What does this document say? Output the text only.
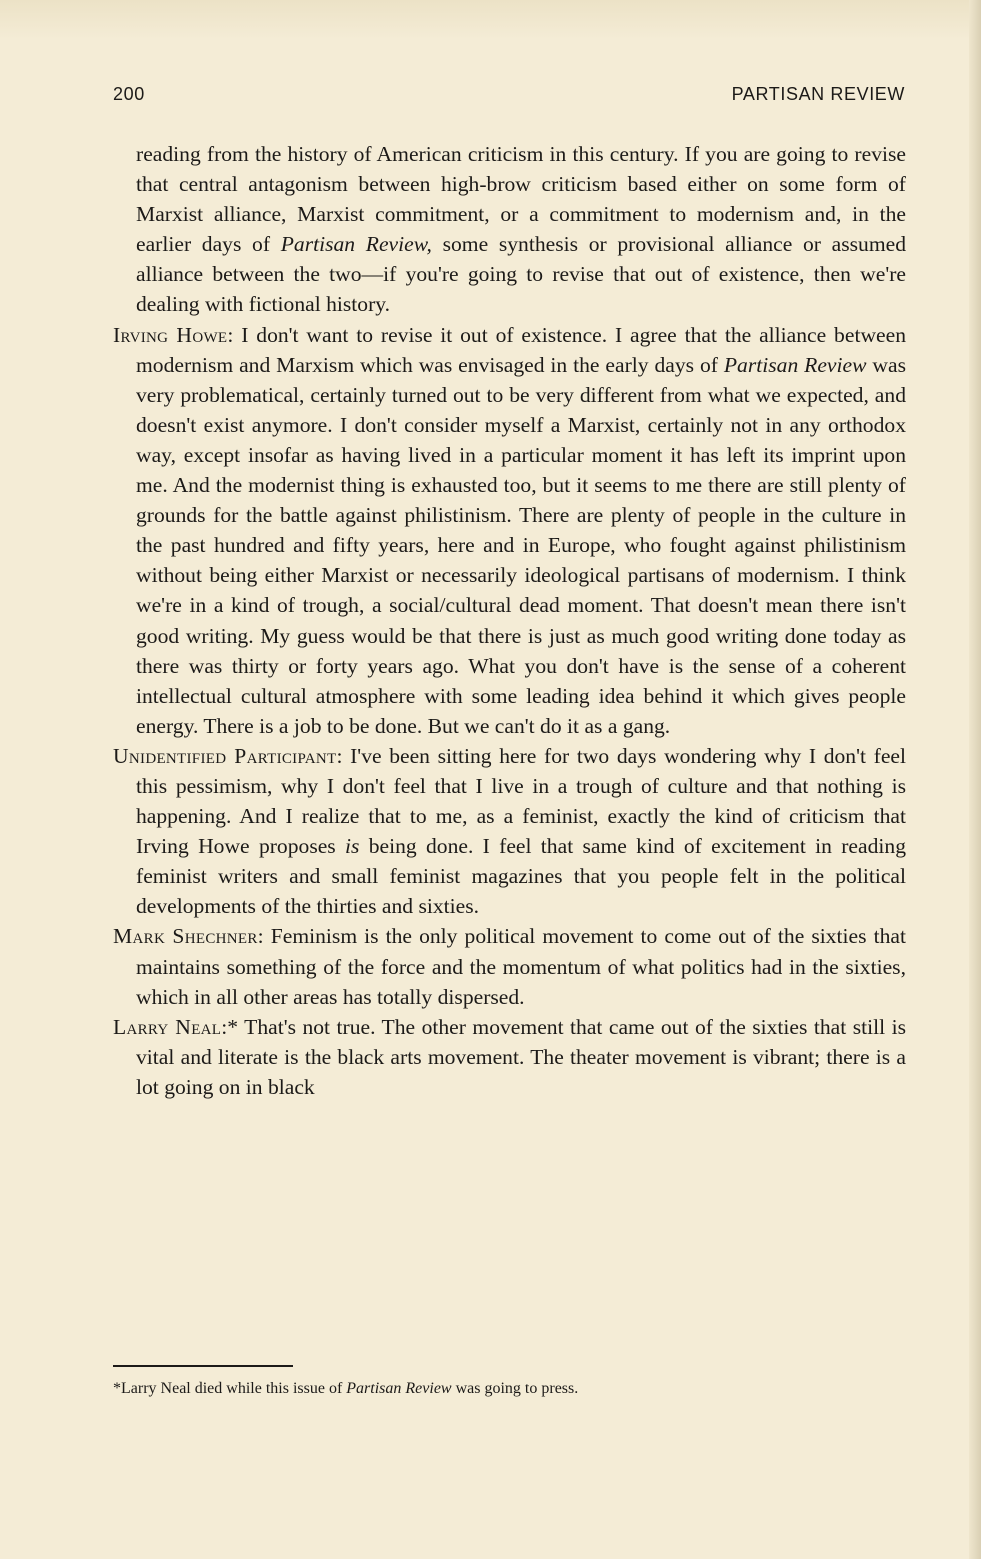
200	PARTISAN REVIEW

reading from the history of American criticism in this century. If you are going to revise that central antagonism between high-brow criticism based either on some form of Marxist alliance, Marxist commitment, or a commitment to modernism and, in the earlier days of Partisan Review, some synthesis or provisional alliance or assumed alliance between the two—if you're going to revise that out of existence, then we're dealing with fictional history.

Irving Howe: I don't want to revise it out of existence. I agree that the alliance between modernism and Marxism which was envisaged in the early days of Partisan Review was very problematical, certainly turned out to be very different from what we expected, and doesn't exist anymore. I don't consider myself a Marxist, certainly not in any orthodox way, except insofar as having lived in a particular moment it has left its imprint upon me. And the modernist thing is exhausted too, but it seems to me there are still plenty of grounds for the battle against philistinism. There are plenty of people in the culture in the past hundred and fifty years, here and in Europe, who fought against philistinism without being either Marxist or necessarily ideological partisans of modernism. I think we're in a kind of trough, a social/cultural dead moment. That doesn't mean there isn't good writing. My guess would be that there is just as much good writing done today as there was thirty or forty years ago. What you don't have is the sense of a coherent intellectual cultural atmosphere with some leading idea behind it which gives people energy. There is a job to be done. But we can't do it as a gang.

Unidentified Participant: I've been sitting here for two days wondering why I don't feel this pessimism, why I don't feel that I live in a trough of culture and that nothing is happening. And I realize that to me, as a feminist, exactly the kind of criticism that Irving Howe proposes is being done. I feel that same kind of excitement in reading feminist writers and small feminist magazines that you people felt in the political developments of the thirties and sixties.

Mark Shechner: Feminism is the only political movement to come out of the sixties that maintains something of the force and the momentum of what politics had in the sixties, which in all other areas has totally dispersed.

Larry Neal:* That's not true. The other movement that came out of the sixties that still is vital and literate is the black arts movement. The theater movement is vibrant; there is a lot going on in black

*Larry Neal died while this issue of Partisan Review was going to press.
